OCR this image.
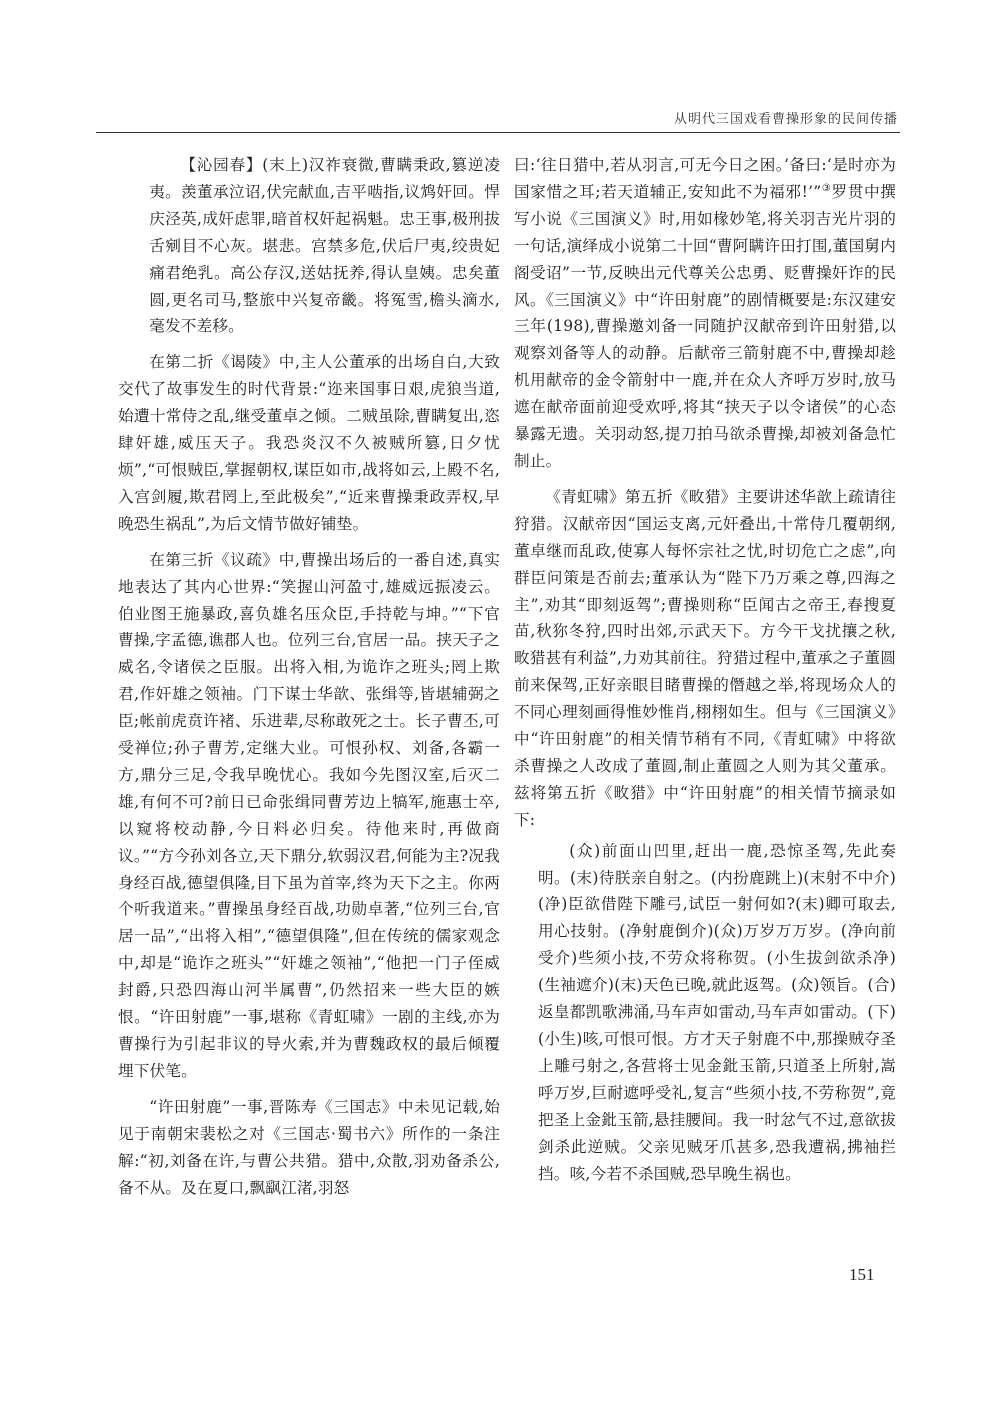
从明代三国戏看曹操形象的民间传播

【沁园春】(末上)汉祚衰微,曹瞒秉政,篡逆凌夷。羡董承泣诏,伏完献血,吉平啮指,议鸩奸回。悍庆泾英,成奸虑罪,暗首权奸起祸魁。忠王事,极刑拔舌剜目不心灰。堪悲。宫禁多危,伏后尸夷,绞贵妃痛君绝乳。高公存汉,送姑抚养,得认皇姨。忠矣董圆,更名司马,整旅中兴复帝畿。将冤雪,檐头滴水,毫发不差移。

在第二折《谒陵》中,主人公董承的出场自白,大致交代了故事发生的时代背景:“迩来国事日艰,虎狼当道,始遭十常侍之乱,继受董卓之倾。二贼虽除,曹瞒复出,恣肆奸雄,威压天子。我恐炎汉不久被贼所篡,日夕忧烦”,“可恨贼臣,掌握朝权,谋臣如市,战将如云,上殿不名,入宫剑履,欺君罔上,至此极矣”,“近来曹操秉政弄权,早晚恐生祸乱”,为后文情节做好铺垫。

在第三折《议疏》中,曹操出场后的一番自述,真实地表达了其内心世界:“笑握山河盈寸,雄威远振凌云。伯业图王施暴政,喜负雄名压众臣,手持乾与坤。”“下官曹操,字孟德,谯郡人也。位列三台,官居一品。挟天子之威名,令诸侯之臣服。出将入相,为诡诈之班头;罔上欺君,作奸雄之领袖。门下谋士华歆、张缉等,皆堪辅弼之臣;帐前虎贲许褚、乐进辈,尽称敢死之士。长子曹丕,可受禅位;孙子曹芳,定继大业。可恨孙权、刘备,各霸一方,鼎分三足,令我早晚忧心。我如今先图汉室,后灭二雄,有何不可?前日已命张缉同曹芳边上犒军,施惠士卒,以窥将校动静,今日料必归矣。待他来时,再做商议。”“方今孙刘各立,天下鼎分,软弱汉君,何能为主?况我身经百战,德望俱隆,目下虽为首宰,终为天下之主。你两个听我道来。”曹操虽身经百战,功勋卓著,“位列三台,官居一品”,“出将入相”,“德望俱隆”,但在传统的儒家观念中,却是“诡诈之班头”“奸雄之领袖”,“他把一门子侄威封爵,只恐四海山河半属曹”,仍然招来一些大臣的嫉恨。“许田射鹿”一事,堪称《青虹啸》一剧的主线,亦为曹操行为引起非议的导火索,并为曹魏政权的最后倾覆埋下伏笔。

“许田射鹿”一事,晋陈寿《三国志》中未见记载,始见于南朝宋裴松之对《三国志·蜀书六》所作的一条注解:“初,刘备在许,与曹公共猎。猎中,众散,羽劝备杀公,备不从。及在夏口,飘飖江渚,羽怒

曰:‘往日猎中,若从羽言,可无今日之困。’备曰:‘是时亦为国家惜之耳;若天道辅正,安知此不为福邪!’”③罗贯中撰写小说《三国演义》时,用如椽妙笔,将关羽吉光片羽的一句话,演绎成小说第二十回“曹阿瞒许田打围,董国舅内阁受诏”一节,反映出元代尊关公忠勇、贬曹操奸诈的民风。《三国演义》中“许田射鹿”的剧情概要是:东汉建安三年(198),曹操邀刘备一同随护汉献帝到许田射猎,以观察刘备等人的动静。后献帝三箭射鹿不中,曹操却趁机用献帝的金令箭射中一鹿,并在众人齐呼万岁时,放马遮在献帝面前迎受欢呼,将其“挟天子以令诸侯”的心态暴露无遗。关羽动怒,提刀拍马欲杀曹操,却被刘备急忙制止。

《青虹啸》第五折《畋猎》主要讲述华歆上疏请往狩猎。汉献帝因“国运支离,元奸叠出,十常侍几覆朝纲,董卓继而乱政,使寡人每怀宗社之忧,时切危亡之虑”,向群臣问策是否前去;董承认为“陛下乃万乘之尊,四海之主”,劝其“即刻返驾”;曹操则称“臣闻古之帝王,春搜夏苗,秋狝冬狩,四时出郊,示武天下。方今干戈扰攘之秋,畋猎甚有利益”,力劝其前往。狩猎过程中,董承之子董圆前来保驾,正好亲眼目睹曹操的僭越之举,将现场众人的不同心理刻画得惟妙惟肖,栩栩如生。但与《三国演义》中“许田射鹿”的相关情节稍有不同,《青虹啸》中将欲杀曹操之人改成了董圆,制止董圆之人则为其父董承。兹将第五折《畋猎》中“许田射鹿”的相关情节摘录如下:

(众)前面山凹里,赶出一鹿,恐惊圣驾,先此奏明。(末)待朕亲自射之。(内扮鹿跳上)(末射不中介)(净)臣欲借陛下雕弓,试臣一射何如?(末)卿可取去,用心技射。(净射鹿倒介)(众)万岁万万岁。(净向前受介)些须小技,不劳众将称贺。(小生拔剑欲杀净)(生袖遮介)(末)天色已晚,就此返驾。(众)领旨。(合)返皇都凯歌沸涌,马车声如雷动,马车声如雷动。(下)(小生)咳,可恨可恨。方才天子射鹿不中,那操贼夺圣上雕弓射之,各营将士见金鈚玉箭,只道圣上所射,嵩呼万岁,巨耐遮呼受礼,复言“些须小技,不劳称贺”,竟把圣上金鈚玉箭,悬挂腰间。我一时忿气不过,意欲拔剑杀此逆贼。父亲见贼牙爪甚多,恐我遭祸,拂袖拦挡。咳,今若不杀国贼,恐早晚生祸也。

151
